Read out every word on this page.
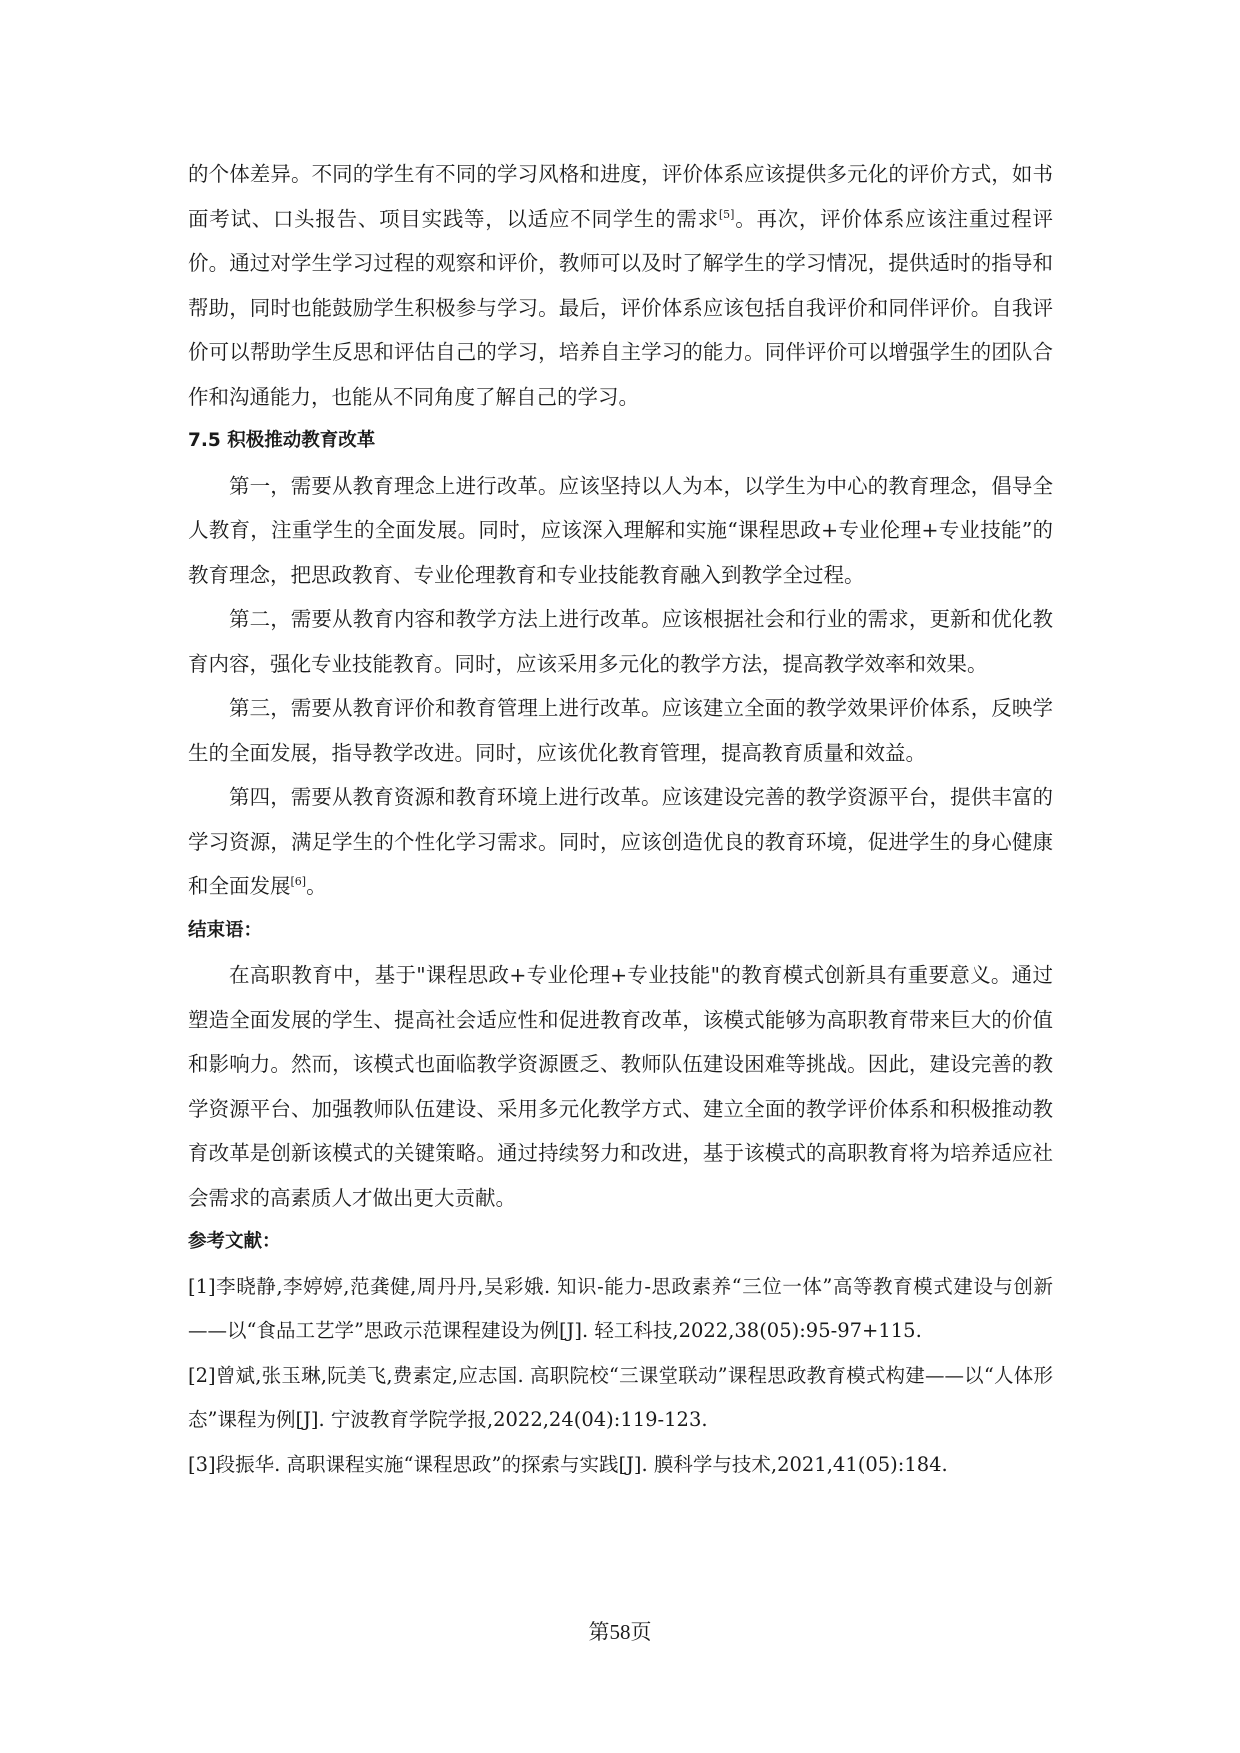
的个体差异。不同的学生有不同的学习风格和进度，评价体系应该提供多元化的评价方式，如书面考试、口头报告、项目实践等，以适应不同学生的需求[5]。再次，评价体系应该注重过程评价。通过对学生学习过程的观察和评价，教师可以及时了解学生的学习情况，提供适时的指导和帮助，同时也能鼓励学生积极参与学习。最后，评价体系应该包括自我评价和同伴评价。自我评价可以帮助学生反思和评估自己的学习，培养自主学习的能力。同伴评价可以增强学生的团队合作和沟通能力，也能从不同角度了解自己的学习。

7.5 积极推动教育改革

第一，需要从教育理念上进行改革。应该坚持以人为本，以学生为中心的教育理念，倡导全人教育，注重学生的全面发展。同时，应该深入理解和实施“课程思政+专业伦理+专业技能”的教育理念，把思政教育、专业伦理教育和专业技能教育融入到教学全过程。

第二，需要从教育内容和教学方法上进行改革。应该根据社会和行业的需求，更新和优化教育内容，强化专业技能教育。同时，应该采用多元化的教学方法，提高教学效率和效果。

第三，需要从教育评价和教育管理上进行改革。应该建立全面的教学效果评价体系，反映学生的全面发展，指导教学改进。同时，应该优化教育管理，提高教育质量和效益。

第四，需要从教育资源和教育环境上进行改革。应该建设完善的教学资源平台，提供丰富的学习资源，满足学生的个性化学习需求。同时，应该创造优良的教育环境，促进学生的身心健康和全面发展[6]。

结束语：

在高职教育中，基于"课程思政+专业伦理+专业技能"的教育模式创新具有重要意义。通过塑造全面发展的学生、提高社会适应性和促进教育改革，该模式能够为高职教育带来巨大的价值和影响力。然而，该模式也面临教学资源匮乏、教师队伍建设困难等挑战。因此，建设完善的教学资源平台、加强教师队伍建设、采用多元化教学方式、建立全面的教学评价体系和积极推动教育改革是创新该模式的关键策略。通过持续努力和改进，基于该模式的高职教育将为培养适应社会需求的高素质人才做出更大贡献。

参考文献：

[1]李晓静,李婷婷,范龚健,周丹丹,吴彩娥. 知识-能力-思政素养“三位一体”高等教育模式建设与创新——以“食品工艺学”思政示范课程建设为例[J]. 轻工科技,2022,38(05):95-97+115.

[2]曾斌,张玉琳,阮美飞,费素定,应志国. 高职院校“三课堂联动”课程思政教育模式构建——以“人体形态”课程为例[J]. 宁波教育学院学报,2022,24(04):119-123.

[3]段振华. 高职课程实施“课程思政”的探索与实践[J]. 膜科学与技术,2021,41(05):184.

第58页
